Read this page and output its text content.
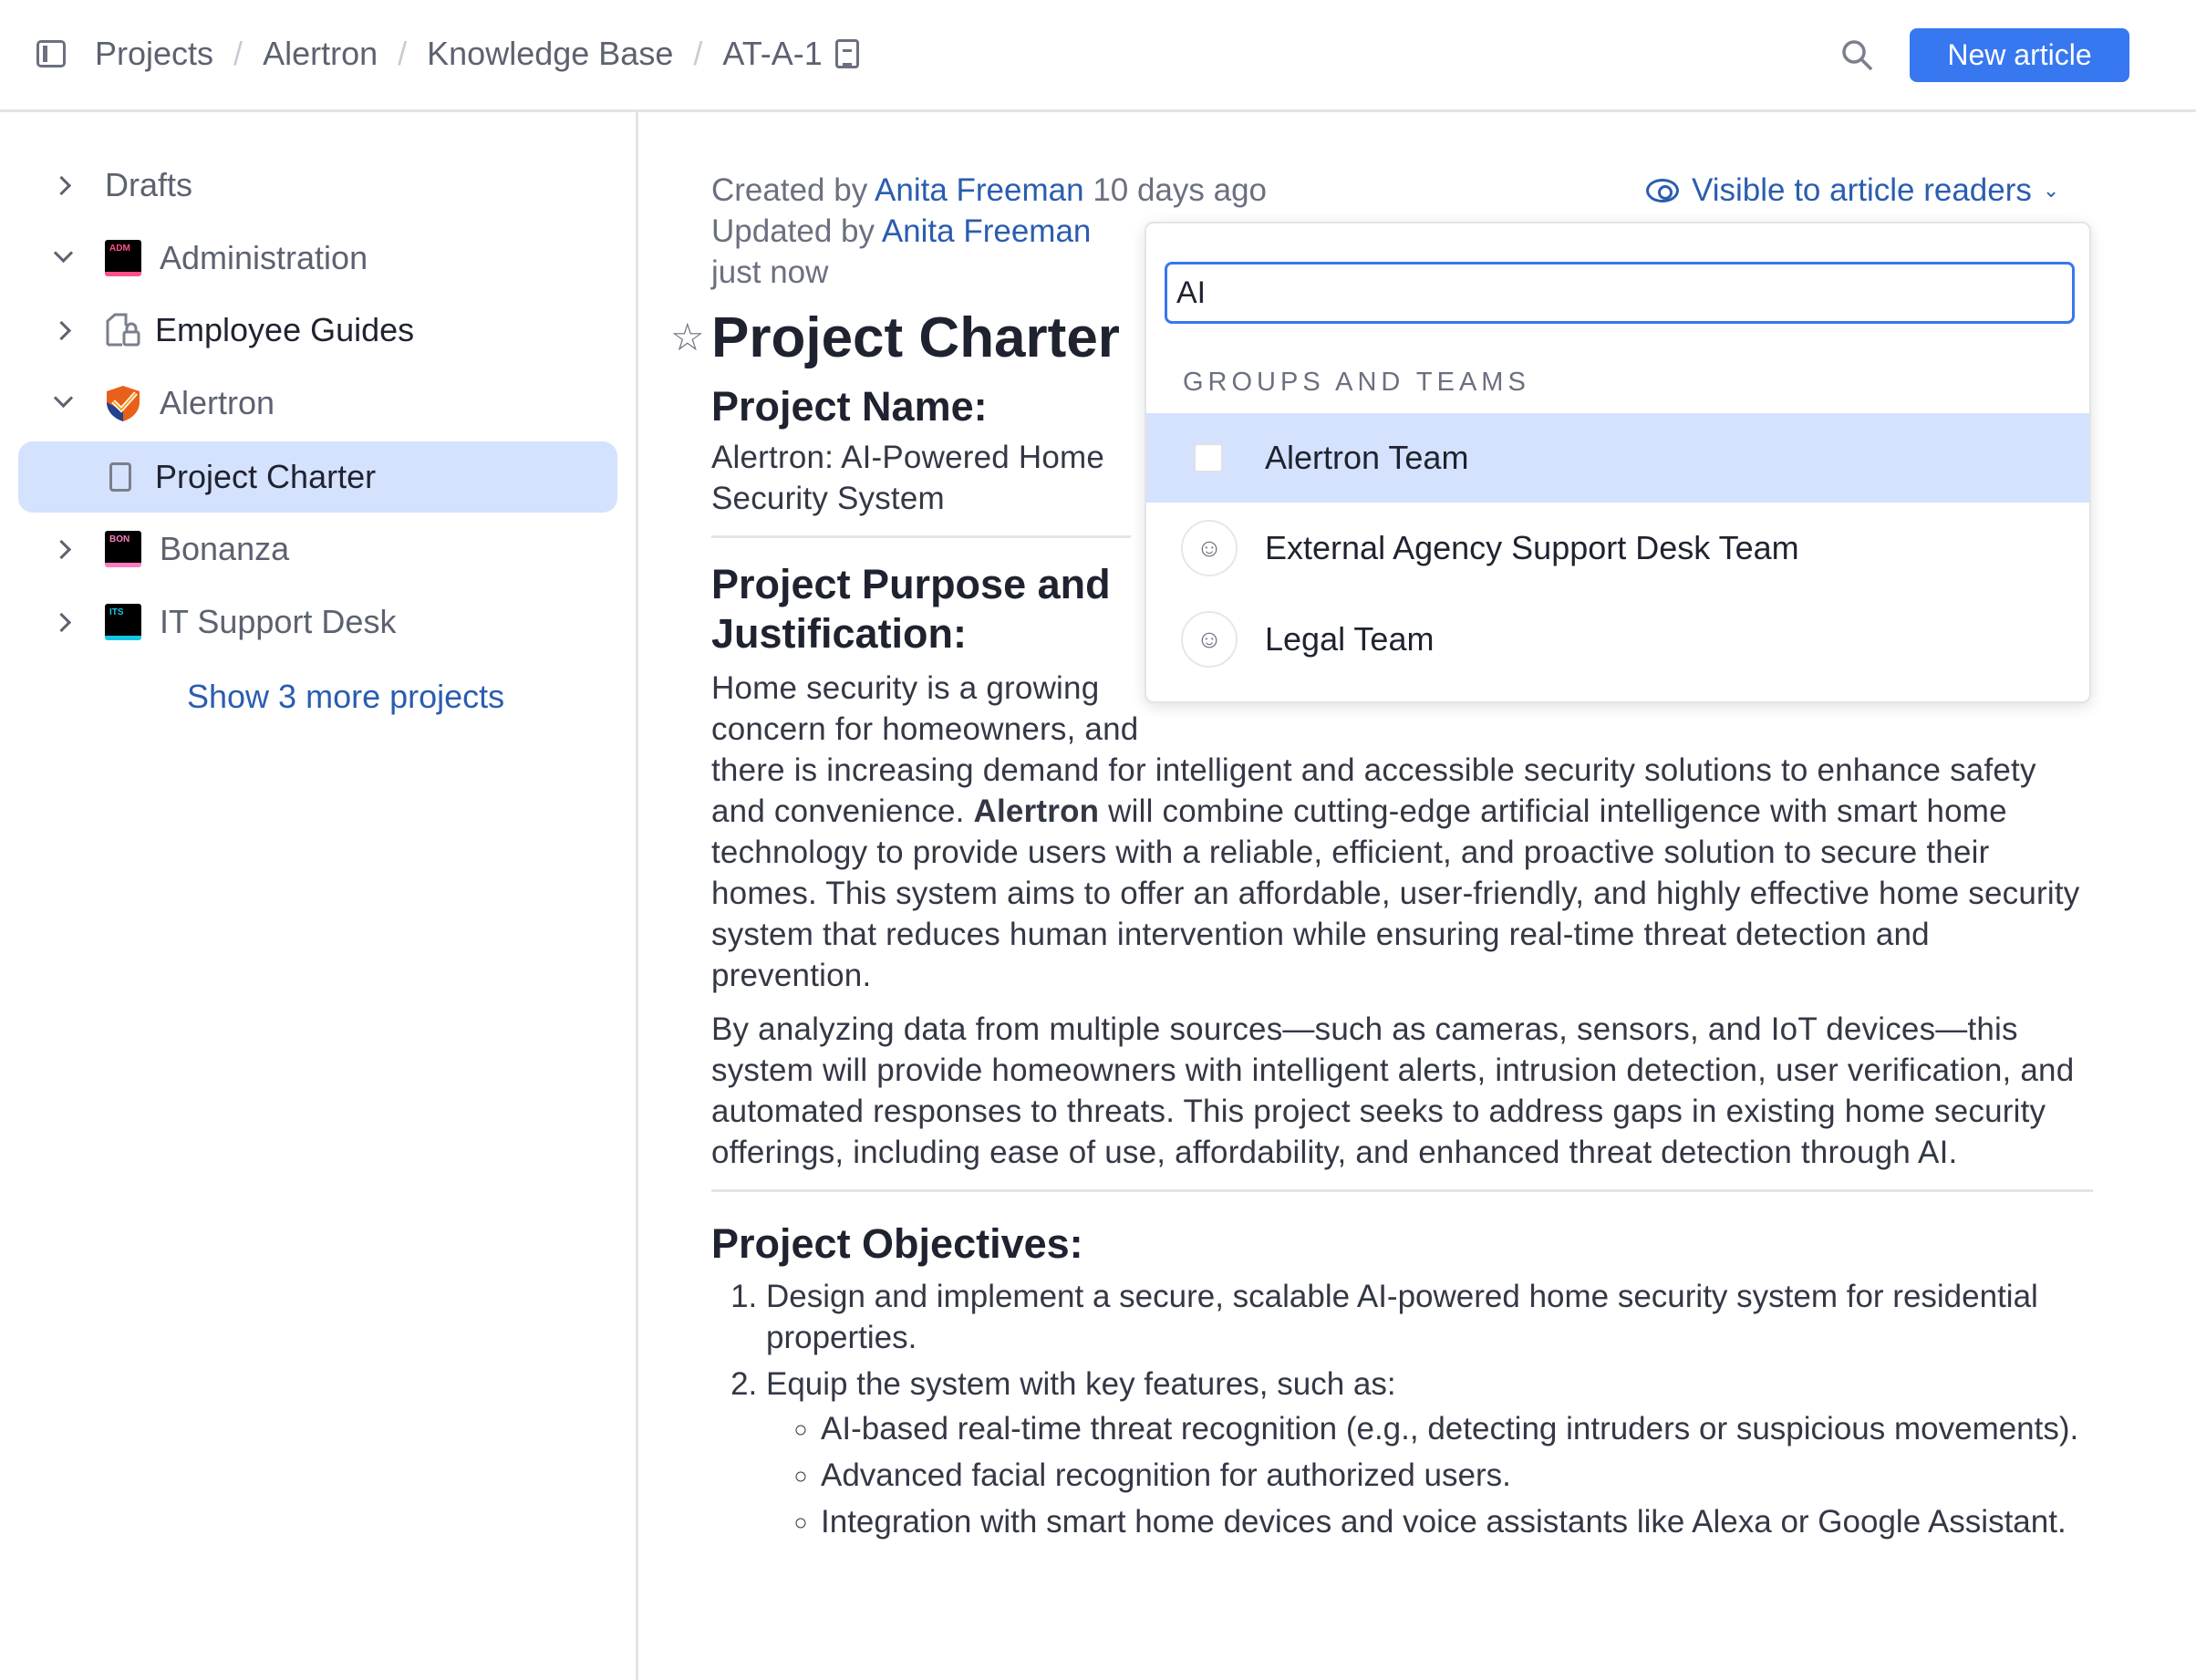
Projects / Alertron / Knowledge Base / AT-A-1	New article
Drafts
ADM Administration
Employee Guides
Alertron
Project Charter
BON Bonanza
ITS	IT Support Desk
Show 3 more projects
Visible to article readers ⌄
Created by Anita Freeman 10 days ago
Updated by Anita Freeman just now
☆ Project Charter
Project Name:
Alertron: AI-Powered Home Security System
Project Purpose and Justification:
Home security is a growing concern for homeowners, and there is increasing demand for intelligent and accessible security solutions to enhance safety and convenience. Alertron will combine cutting-edge artificial intelligence with smart home technology to provide users with a reliable, efficient, and proactive solution to secure their homes. This system aims to offer an affordable, user-friendly, and highly effective home security system that reduces human intervention while ensuring real-time threat detection and prevention.
By analyzing data from multiple sources—such as cameras, sensors, and IoT devices—this system will provide homeowners with intelligent alerts, intrusion detection, user verification, and automated responses to threats. This project seeks to address gaps in existing home security offerings, including ease of use, affordability, and enhanced threat detection through AI.
Project Objectives:
1. Design and implement a secure, scalable AI-powered home security system for residential properties.
2. Equip the system with key features, such as:
◦ AI-based real-time threat recognition (e.g., detecting intruders or suspicious movements).
◦ Advanced facial recognition for authorized users.
◦ Integration with smart home devices and voice assistants like Alexa or Google Assistant.
AI
GROUPS AND TEAMS
Alertron Team
☺	External Agency Support Desk Team
☺	Legal Team
